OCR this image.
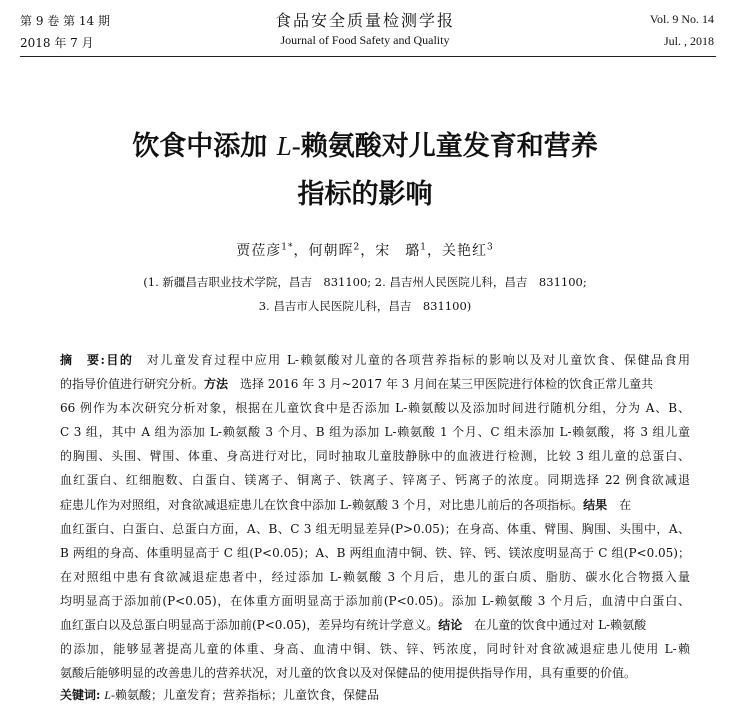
第 9 卷 第 14 期
2018 年 7 月
食品安全质量检测学报
Journal of Food Safety and Quality
Vol. 9 No. 14
Jul. , 2018
饮食中添加 L-赖氨酸对儿童发育和营养
指标的影响
贾莅彦$^{1*}$，何朝晖$^2$，宋　璐$^1$，关艳红$^3$
(1. 新疆昌吉职业技术学院，昌吉　831100; 2. 昌吉州人民医院儿科，昌吉　831100;
3. 昌吉市人民医院儿科，昌吉　831100)
摘　要:目的　 对儿童发育过程中应用 L-赖氨酸对儿童的各项营养指标的影响以及对儿童饮食、保健品食用
的指导价值进行研究分析。方法　 选择 2016 年 3 月~2017 年 3 月间在某三甲医院进行体检的饮食正常儿童共
66 例作为本次研究分析对象，根据在儿童饮食中是否添加 L-赖氨酸以及添加时间进行随机分组，分为 A、B、
C 3 组，其中 A 组为添加 L-赖氨酸 3 个月、B 组为添加 L-赖氨酸 1 个月、C 组未添加 L-赖氨酸，将 3 组儿童
的胸围、头围、臂围、体重、身高进行对比，同时抽取儿童肢静脉中的血液进行检测，比较 3 组儿童的总蛋白、
血红蛋白、红细胞数、白蛋白、镁离子、铜离子、铁离子、锌离子、钙离子的浓度。同期选择 22 例食欲减退
症患儿作为对照组，对食欲减退症患儿在饮食中添加 L-赖氨酸 3 个月，对比患儿前后的各项指标。结果　 在
血红蛋白、白蛋白、总蛋白方面，A、B、C 3 组无明显差异(P>0.05)；在身高、体重、臂围、胸围、头围中，A、
B 两组的身高、体重明显高于 C 组(P<0.05)；A、B 两组血清中铜、铁、锌、钙、镁浓度明显高于 C 组(P<0.05)；
在对照组中患有食欲减退症患者中，经过添加 L-赖氨酸 3 个月后，患儿的蛋白质、脂肪、碳水化合物摄入量
均明显高于添加前(P<0.05)，在体重方面明显高于添加前(P<0.05)。添加 L-赖氨酸 3 个月后，血清中白蛋白、
血红蛋白以及总蛋白明显高于添加前(P<0.05)，差异均有统计学意义。结论　 在儿童的饮食中通过对 L-赖氨酸
的添加，能够显著提高儿童的体重、身高、血清中铜、铁、锌、钙浓度，同时针对食欲减退症患儿使用 L-赖
氨酸后能够明显的改善患儿的营养状况，对儿童的饮食以及对保健品的使用提供指导作用，具有重要的价值。
关键词: L-赖氨酸；儿童发育；营养指标；儿童饮食，保健品
